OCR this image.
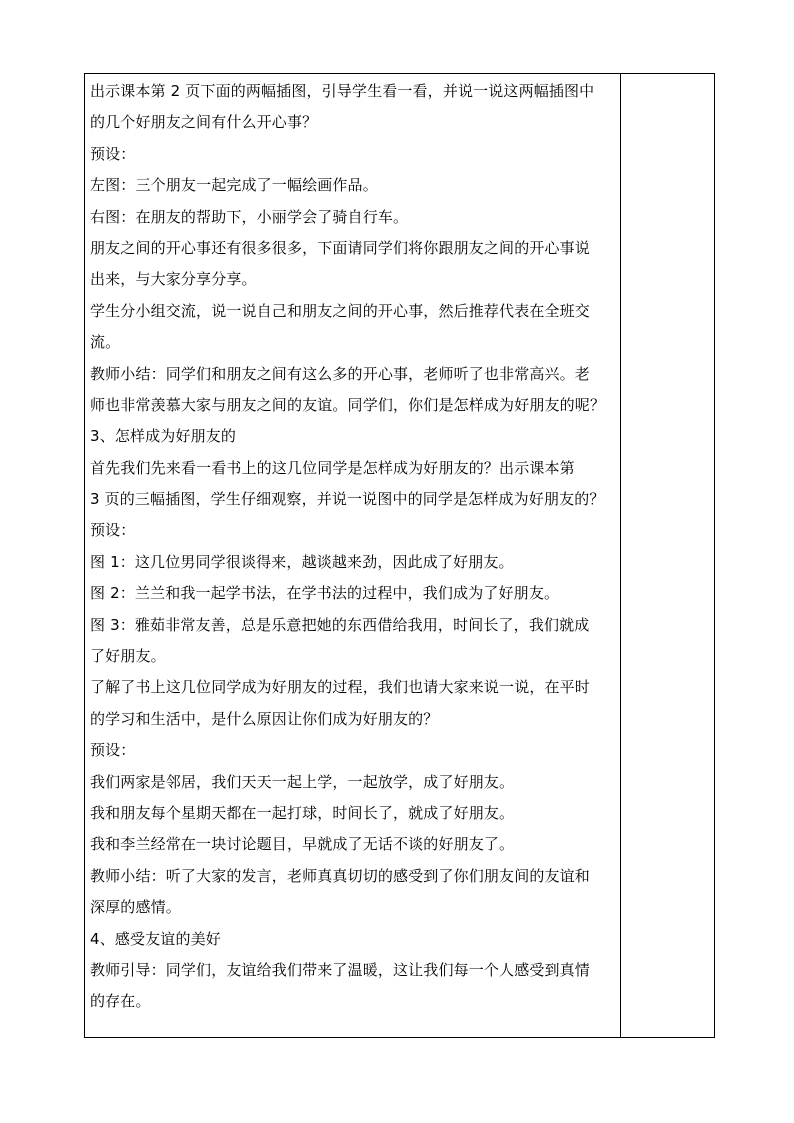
出示课本第 2 页下面的两幅插图，引导学生看一看，并说一说这两幅插图中
的几个好朋友之间有什么开心事？
预设：
左图：三个朋友一起完成了一幅绘画作品。
右图：在朋友的帮助下，小丽学会了骑自行车。
朋友之间的开心事还有很多很多，下面请同学们将你跟朋友之间的开心事说
出来，与大家分享分享。
学生分小组交流，说一说自己和朋友之间的开心事，然后推荐代表在全班交
流。
教师小结：同学们和朋友之间有这么多的开心事，老师听了也非常高兴。老
师也非常羡慕大家与朋友之间的友谊。同学们，你们是怎样成为好朋友的呢？
3、怎样成为好朋友的
首先我们先来看一看书上的这几位同学是怎样成为好朋友的？出示课本第
3 页的三幅插图，学生仔细观察，并说一说图中的同学是怎样成为好朋友的？
预设：
图 1：这几位男同学很谈得来，越谈越来劲，因此成了好朋友。
图 2：兰兰和我一起学书法，在学书法的过程中，我们成为了好朋友。
图 3：雅茹非常友善，总是乐意把她的东西借给我用，时间长了，我们就成
了好朋友。
了解了书上这几位同学成为好朋友的过程，我们也请大家来说一说，在平时
的学习和生活中，是什么原因让你们成为好朋友的？
预设：
我们两家是邻居，我们天天一起上学，一起放学，成了好朋友。
我和朋友每个星期天都在一起打球，时间长了，就成了好朋友。
我和李兰经常在一块讨论题目，早就成了无话不谈的好朋友了。
教师小结：听了大家的发言，老师真真切切的感受到了你们朋友间的友谊和
深厚的感情。
4、感受友谊的美好
教师引导：同学们，友谊给我们带来了温暖，这让我们每一个人感受到真情
的存在。
